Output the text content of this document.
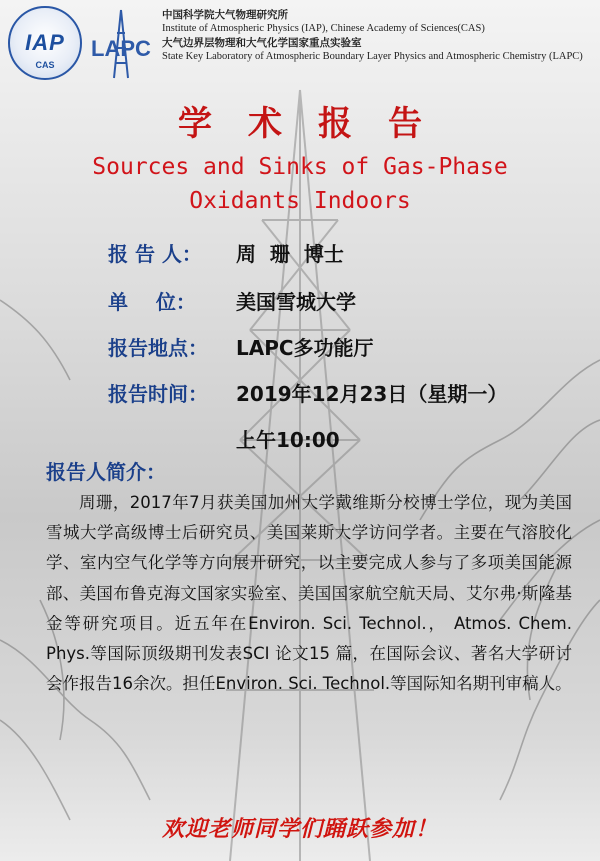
IAP
CAS
LAPC
中国科学院大气物理研究所
Institute of Atmospheric Physics (IAP), Chinese Academy of Sciences(CAS)
大气边界层物理和大气化学国家重点实验室
State Key Laboratory of Atmospheric Boundary Layer Physics and Atmospheric Chemistry (LAPC)
学术报告
Sources and Sinks of Gas-Phase
Oxidants Indoors
报 告 人： 周  珊  博士
单    位： 美国雪城大学
报告地点： LAPC多功能厅
报告时间： 2019年12月23日（星期一）
上午10:00
报告人简介：

周珊，2017年7月获美国加州大学戴维斯分校博士学位，现为美国雪城大学高级博士后研究员、美国莱斯大学访问学者。主要在气溶胶化学、室内空气化学等方向展开研究，以主要完成人参与了多项美国能源部、美国布鲁克海文国家实验室、美国国家航空航天局、艾尔弗·斯隆基金等研究项目。近五年在Environ. Sci. Technol.， Atmos. Chem. Phys.等国际顶级期刊发表SCI 论文15 篇，在国际会议、著名大学研讨会作报告16余次。担任Environ. Sci. Technol.等国际知名期刊审稿人。

欢迎老师同学们踊跃参加！
